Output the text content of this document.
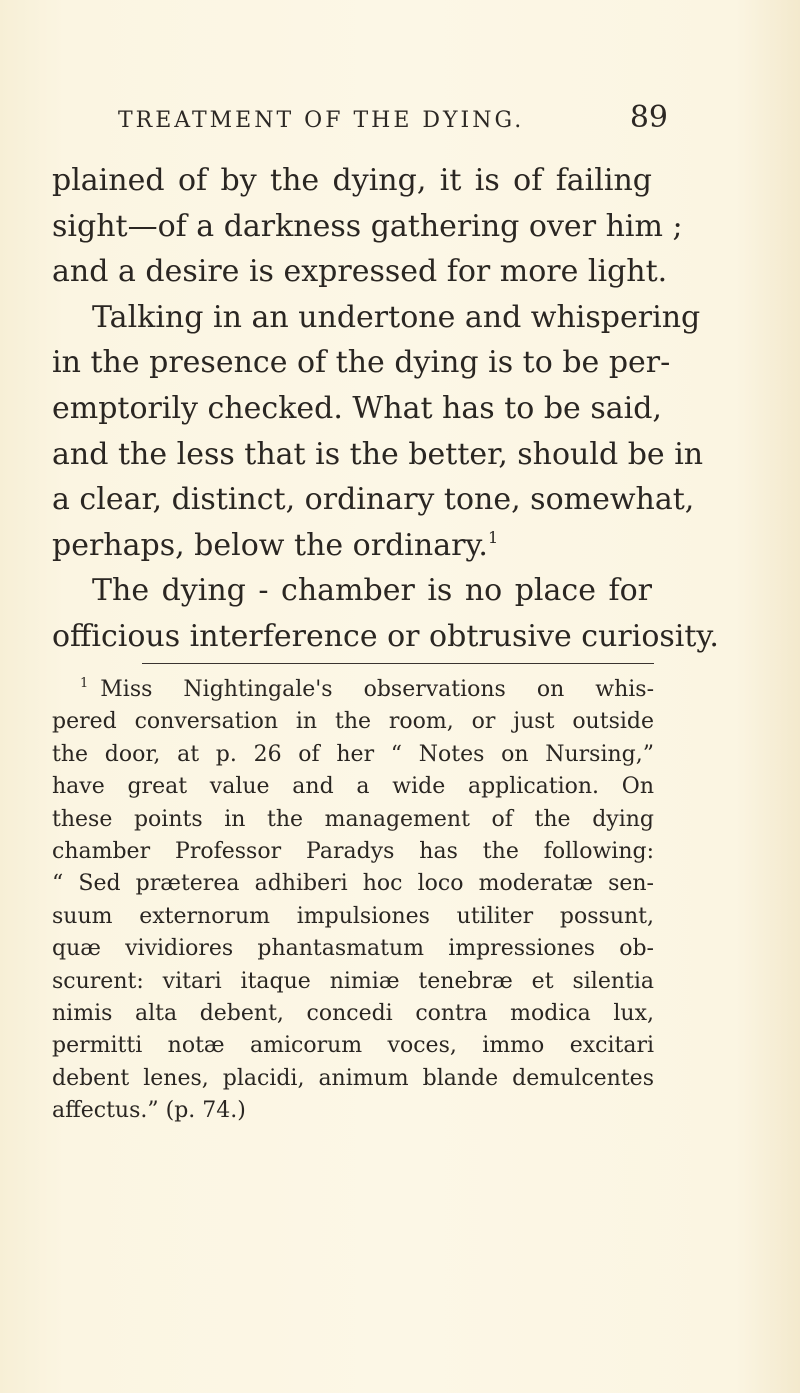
TREATMENT OF THE DYING.	89
plained of by the dying, it is of failing
sight—of a darkness gathering over him ;
and a desire is expressed for more light.
Talking in an undertone and whispering
in the presence of the dying is to be per-
emptorily checked. What has to be said,
and the less that is the better, should be in
a clear, distinct, ordinary tone, somewhat,
perhaps, below the ordinary.$^1$
The dying - chamber is no place for
officious interference or obtrusive curiosity.
$^1$ Miss Nightingale's observations on whis-
pered conversation in the room, or just outside
the door, at p. 26 of her “ Notes on Nursing,”
have great value and a wide application. On
these points in the management of the dying
chamber Professor Paradys has the following:
“ Sed præterea adhiberi hoc loco moderatæ sen-
suum externorum impulsiones utiliter possunt,
quæ vividiores phantasmatum impressiones ob-
scurent: vitari itaque nimiæ tenebræ et silentia
nimis alta debent, concedi contra modica lux,
permitti notæ amicorum voces, immo excitari
debent lenes, placidi, animum blande demulcentes
affectus.” (p. 74.)
